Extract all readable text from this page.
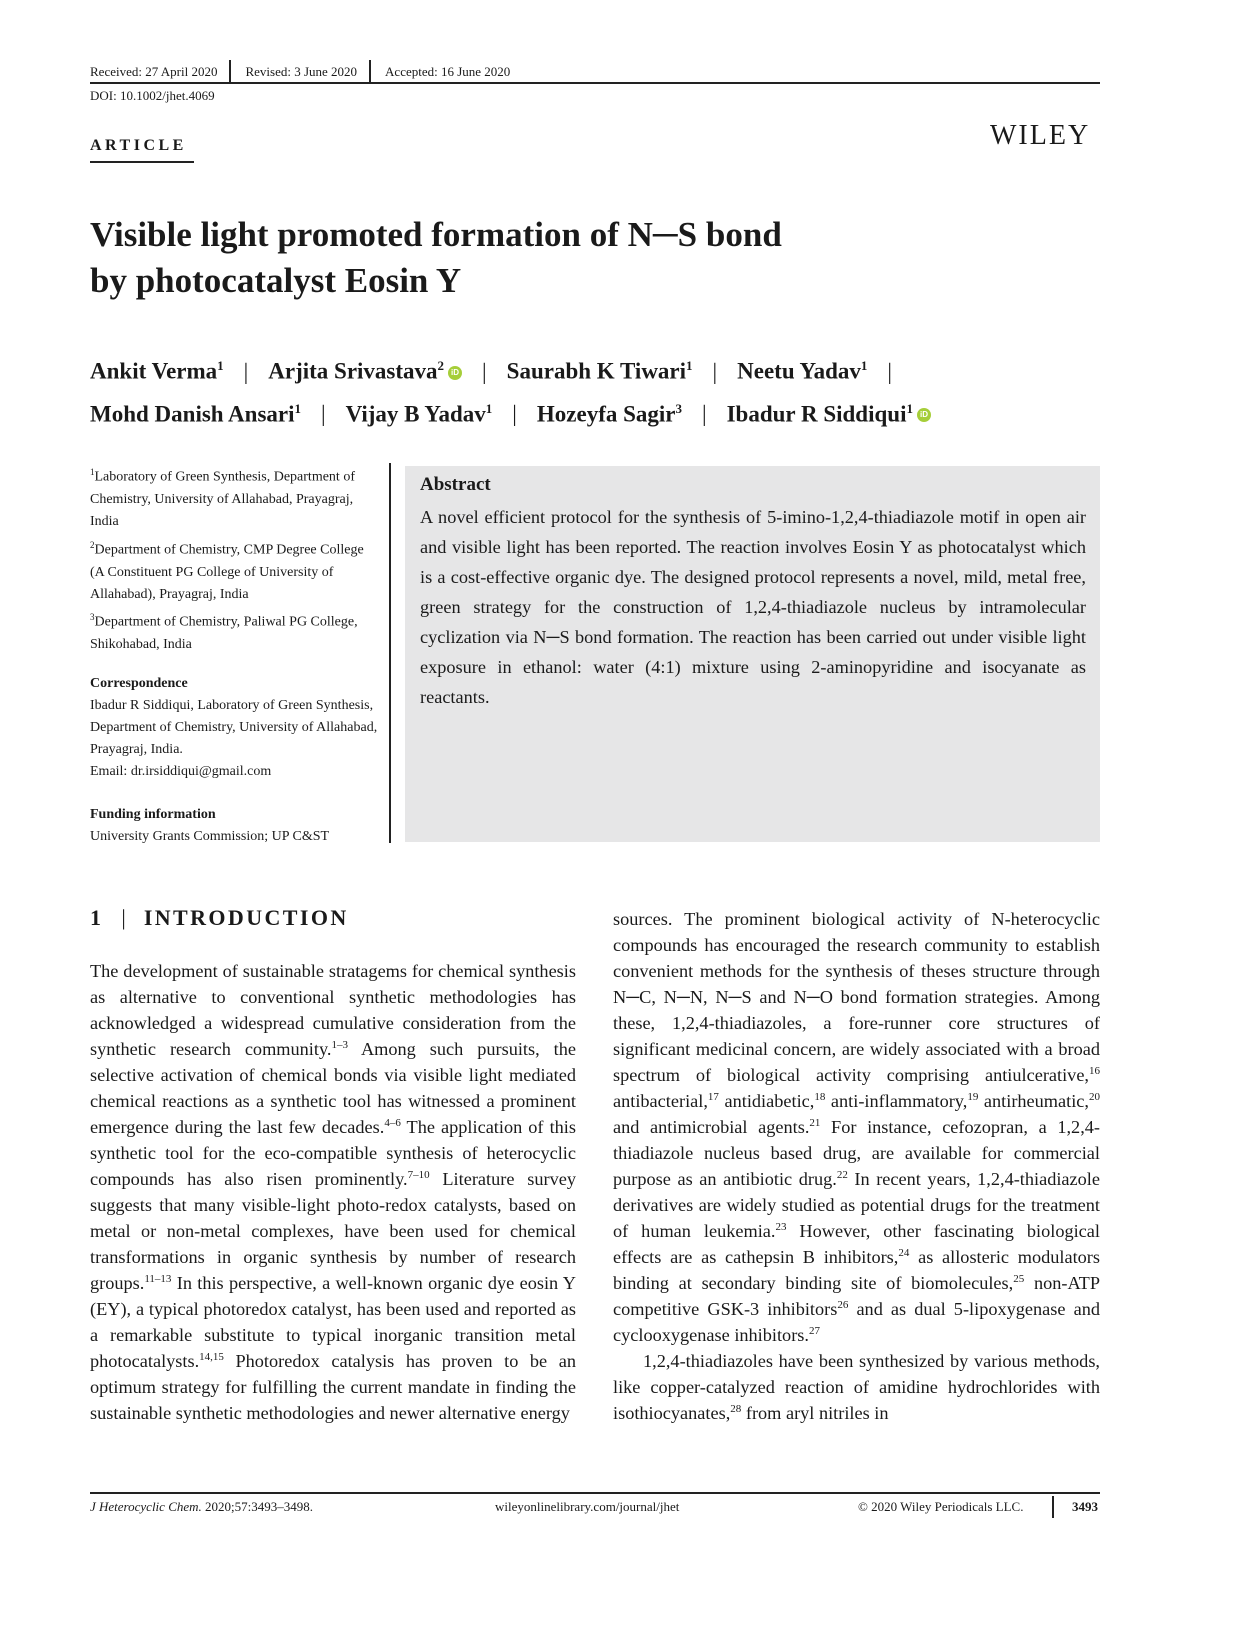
Received: 27 April 2020	Revised: 3 June 2020	Accepted: 16 June 2020
DOI: 10.1002/jhet.4069
ARTICLE	WILEY
Visible light promoted formation of N─S bond
by photocatalyst Eosin Y
Ankit Verma$^1$ | Arjita Srivastava$^2$ iD | Saurabh K Tiwari$^1$ | Neetu Yadav$^1$ |
Mohd Danish Ansari$^1$ | Vijay B Yadav$^1$ | Hozeyfa Sagir$^3$ | Ibadur R Siddiqui$^1$ iD
$^1$Laboratory of Green Synthesis, Department of Chemistry, University of Allahabad, Prayagraj, India
$^2$Department of Chemistry, CMP Degree College (A Constituent PG College of University of Allahabad), Prayagraj, India
$^3$Department of Chemistry, Paliwal PG College, Shikohabad, India
Correspondence
Ibadur R Siddiqui, Laboratory of Green Synthesis, Department of Chemistry, University of Allahabad, Prayagraj, India.
Email: dr.irsiddiqui@gmail.com
Funding information
University Grants Commission; UP C&ST
Abstract
A novel efficient protocol for the synthesis of 5-imino-1,2,4-thiadiazole motif in open air and visible light has been reported. The reaction involves Eosin Y as photocatalyst which is a cost-effective organic dye. The designed protocol represents a novel, mild, metal free, green strategy for the construction of 1,2,4-thiadiazole nucleus by intramolecular cyclization via N─S bond formation. The reaction has been carried out under visible light exposure in ethanol: water (4:1) mixture using 2-aminopyridine and isocyanate as reactants.
1 | INTRODUCTION

The development of sustainable stratagems for chemical synthesis as alternative to conventional synthetic methodologies has acknowledged a widespread cumulative consideration from the synthetic research community.$^{1-3}$ Among such pursuits, the selective activation of chemical bonds via visible light mediated chemical reactions as a synthetic tool has witnessed a prominent emergence during the last few decades.$^{4-6}$ The application of this synthetic tool for the eco-compatible synthesis of heterocyclic compounds has also risen prominently.$^{7-10}$ Literature survey suggests that many visible-light photo-redox catalysts, based on metal or non-metal complexes, have been used for chemical transformations in organic synthesis by number of research groups.$^{11-13}$ In this perspective, a well-known organic dye eosin Y (EY), a typical photoredox catalyst, has been used and reported as a remarkable substitute to typical inorganic transition metal photocatalysts.$^{14,15}$ Photoredox catalysis has proven to be an optimum strategy for fulfilling the current mandate in finding the sustainable synthetic methodologies and newer alternative energy

sources. The prominent biological activity of N-heterocyclic compounds has encouraged the research community to establish convenient methods for the synthesis of theses structure through N─C, N─N, N─S and N─O bond formation strategies. Among these, 1,2,4-thiadiazoles, a fore-runner core structures of significant medicinal concern, are widely associated with a broad spectrum of biological activity comprising antiulcerative,$^{16}$ antibacterial,$^{17}$ antidiabetic,$^{18}$ anti-inflammatory,$^{19}$ antirheumatic,$^{20}$ and antimicrobial agents.$^{21}$ For instance, cefozopran, a 1,2,4-thiadiazole nucleus based drug, are available for commercial purpose as an antibiotic drug.$^{22}$ In recent years, 1,2,4-thiadiazole derivatives are widely studied as potential drugs for the treatment of human leukemia.$^{23}$ However, other fascinating biological effects are as cathepsin B inhibitors,$^{24}$ as allosteric modulators binding at secondary binding site of biomolecules,$^{25}$ non-ATP competitive GSK-3 inhibitors$^{26}$ and as dual 5-lipoxygenase and cyclooxygenase inhibitors.$^{27}$

1,2,4-thiadiazoles have been synthesized by various methods, like copper-catalyzed reaction of amidine hydrochlorides with isothiocyanates,$^{28}$ from aryl nitriles in

J Heterocyclic Chem. 2020;57:3493–3498.	wileyonlinelibrary.com/journal/jhet	© 2020 Wiley Periodicals LLC.	3493
